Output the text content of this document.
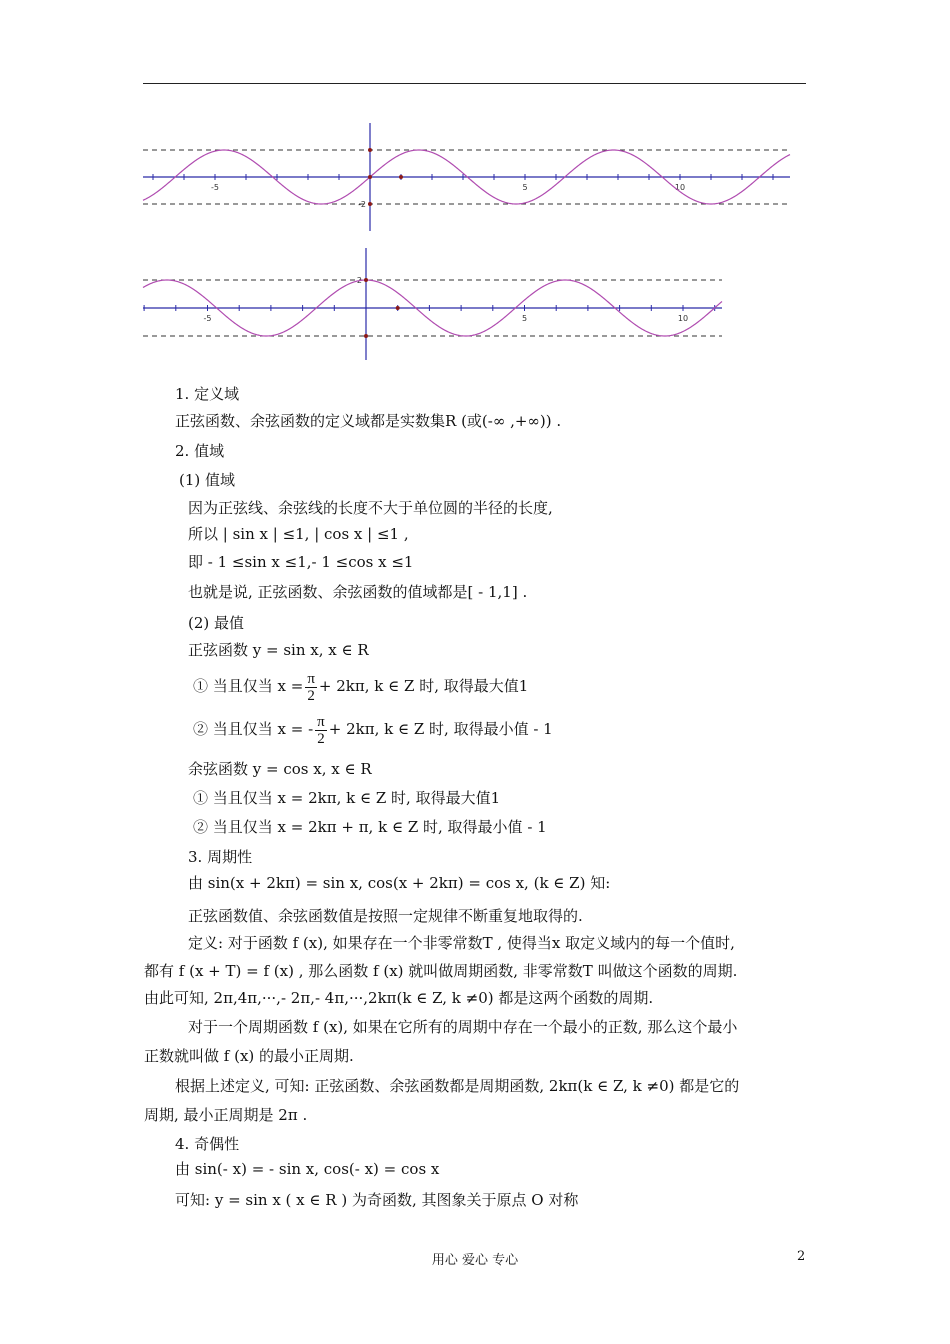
-5	5	10
-2
-5	5	10
2
1. 定义域
正弦函数、余弦函数的定义域都是实数集R (或(-∞ ,+∞)) .
2. 值域
(1) 值域
因为正弦线、余弦线的长度不大于单位圆的半径的长度,
所以 | sin x | ≤1, | cos x | ≤1 ,
即 - 1 ≤sin x ≤1,- 1 ≤cos x ≤1
也就是说, 正弦函数、余弦函数的值域都是[ - 1,1] .
(2) 最值
正弦函数 y = sin x, x ∈ R
① 当且仅当 $x = \frac{\pi}{2} + 2k\pi$, k ∈ Z 时, 取得最大值1
② 当且仅当 x = - $\frac{\pi}{2} + 2k\pi$, k ∈ Z 时, 取得最小值 - 1
余弦函数 y = cos x, x ∈ R
① 当且仅当 x = 2kπ, k ∈ Z 时, 取得最大值1
② 当且仅当 x = 2kπ + π, k ∈ Z 时, 取得最小值 - 1
3. 周期性
由 sin(x + 2kπ) = sin x, cos(x + 2kπ) = cos x, (k ∈ Z) 知:
正弦函数值、余弦函数值是按照一定规律不断重复地取得的.
定义: 对于函数 f (x), 如果存在一个非零常数T , 使得当x 取定义域内的每一个值时,
都有 f (x + T) = f (x) , 那么函数 f (x) 就叫做周期函数, 非零常数T 叫做这个函数的周期.
由此可知, 2π,4π,···,- 2π,- 4π,···,2kπ(k ∈ Z, k ≠0) 都是这两个函数的周期.
对于一个周期函数 f (x), 如果在它所有的周期中存在一个最小的正数, 那么这个最小
正数就叫做 f (x) 的最小正周期.
根据上述定义, 可知: 正弦函数、余弦函数都是周期函数, 2kπ(k ∈ Z, k ≠0) 都是它的
周期, 最小正周期是 2π .
4. 奇偶性
由 sin(- x) = - sin x, cos(- x) = cos x
可知: y = sin x ( x ∈ R ) 为奇函数, 其图象关于原点 O 对称
用心 爱心 专心	2
